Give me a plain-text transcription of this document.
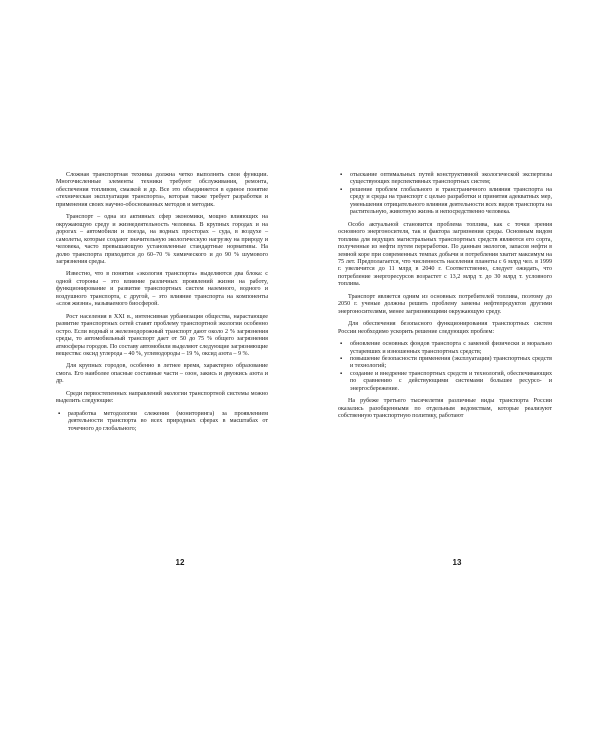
Сложная транспортная техника должна четко выполнять свои функции. Многочисленные элементы техники требуют обслуживания, ремонта, обеспечения топливом, смазкой и др. Все это объединяется в единое понятие «техническая эксплуатация транспорта», которая также требует разработки и применения своих научно-обоснованных методов и методик.

Транспорт – одна из активных сфер экономики, мощно влияющих на окружающую среду и жизнедеятельность человека. В крупных городах и на дорогах – автомобили и поезда, на водных просторах – суда, в воздухе – самолеты, которые создают значительную экологическую нагрузку на природу и человека, часто превышающую установленные стандартные нормативы. На долю транспорта приходится до 60–70 % химического и до 90 % шумового загрязнения среды.

Известно, что в понятии «экология транспорта» выделяются два блока: с одной стороны – это влияние различных проявлений жизни на работу, функционирование и развитие транспортных систем наземного, водного и воздушного транспорта, с другой, – это влияние транспорта на компоненты «слоя жизни», называемого биосферой.

Рост населения в XXI в., интенсивная урбанизация общества, нарастающее развитие транспортных сетей ставят проблему транспортной экологии особенно остро. Если водный и железнодорожный транспорт дают около 2 % загрязнения среды, то автомобильный транспорт дает от 50 до 75 % общего загрязнения атмосферы городов. По составу автомобили выделяют следующие загрязняющие вещества: оксид углерода – 40 %, углеводороды – 19 %, оксид азота – 9 %.

Для крупных городов, особенно в летнее время, характерно образование смога. Его наиболее опасные составные части – озон, закись и двуокись азота и др.

Среди первостепенных направлений экологии транспортной системы можно выделить следующие:

▪ разработка методологии слежения (мониторинга) за проявлением деятельности транспорта во всех природных сферах в масштабах от точечного до глобального;
12
▪ отыскание оптимальных путей конструктивной экологической экспертизы существующих перспективных транспортных систем;
▪ решение проблем глобального и трансграничного влияния транспорта на среду и среды на транспорт с целью разработки и принятия адекватных мер, уменьшения отрицательного влияния деятельности всех видов транспорта на растительную, животную жизнь и непосредственно человека.

Особо актуальной становится проблема топлива, как с точки зрения основного энергоносителя, так и фактора загрязнения среды. Основным видом топлива для ведущих магистральных транспортных средств являются его сорта, полученные из нефти путем переработки. По данным экологов, запасов нефти в земной коре при современных темпах добычи и потребления хватит максимум на 75 лет. Предполагается, что численность населения планеты с 6 млрд чел. в 1999 г. увеличится до 11 млрд в 2040 г. Соответственно, следует ожидать, что потребление энергоресурсов возрастет с 13,2 млрд т. до 30 млрд т. условного топлива.

Транспорт является одним из основных потребителей топлива, поэтому до 2050 г. ученые должны решить проблему замены нефтепродуктов другими энергоносителями, менее загрязняющими окружающую среду.

Для обеспечения безопасного функционирования транспортных систем России необходимо ускорить решение следующих проблем:

▪ обновление основных фондов транспорта с заменой физически и морально устаревших и изношенных транспортных средств;
▪ повышение безопасности применения (эксплуатации) транспортных средств и технологий;
▪ создание и внедрение транспортных средств и технологий, обеспечивающих по сравнению с действующими системами большее ресурсо- и энергосбережение.

На рубеже третьего тысячелетия различные виды транспорта России оказались разобщенными по отдельным ведомствам, которые реализуют собственную транспортную политику, работают

13
